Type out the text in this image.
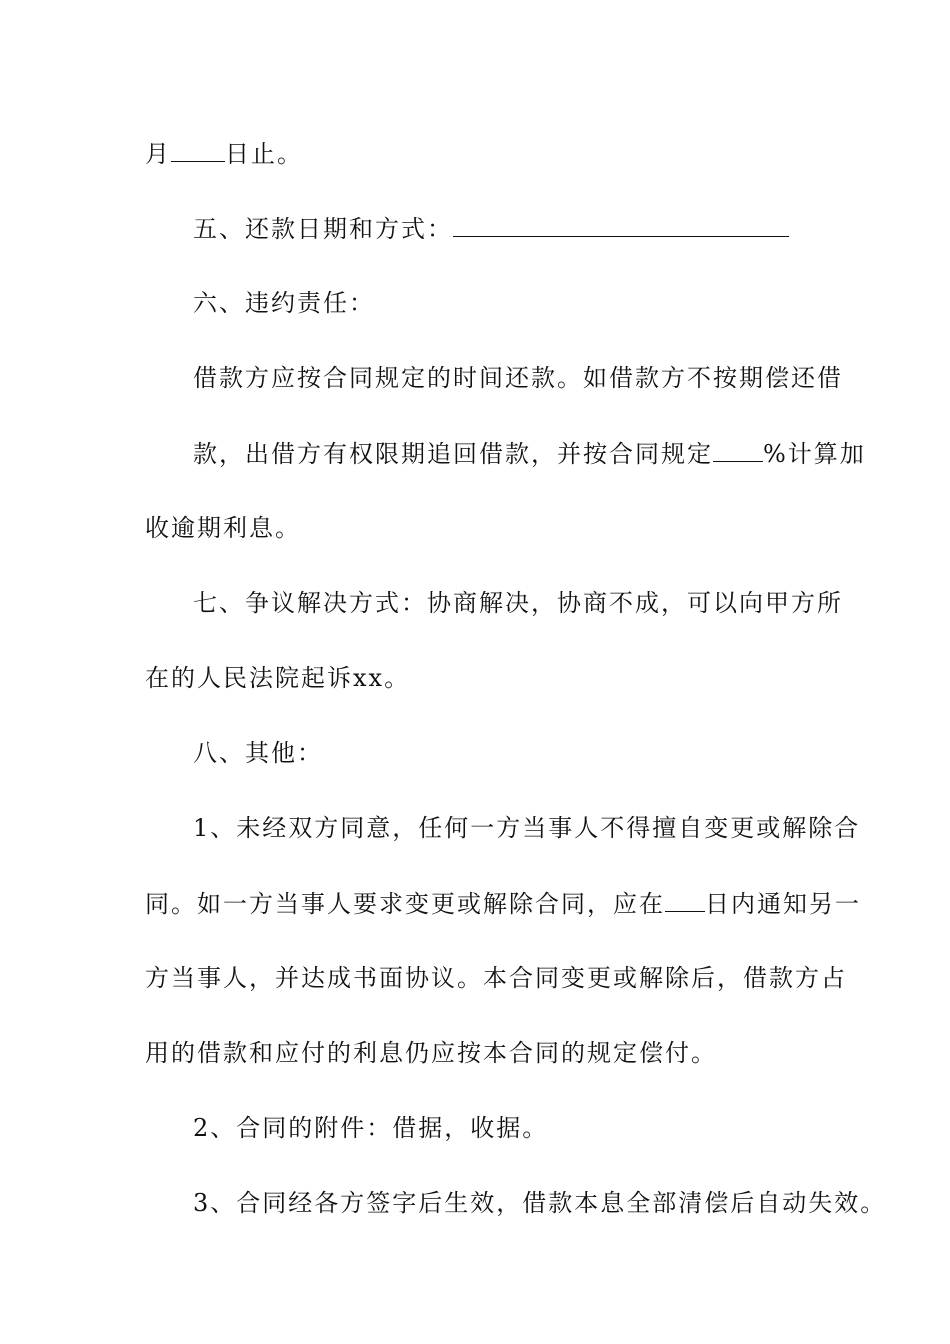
月 日止。
五、还款日期和方式：
六、违约责任：
借款方应按合同规定的时间还款。如借款方不按期偿还借
款，出借方有权限期追回借款，并按合同规定 %计算加
收逾期利息。
七、争议解决方式：协商解决，协商不成，可以向甲方所
在的人民法院起诉xx。
八、其他：
1、未经双方同意，任何一方当事人不得擅自变更或解除合
同。如一方当事人要求变更或解除合同，应在 日内通知另一
方当事人，并达成书面协议。本合同变更或解除后，借款方占
用的借款和应付的利息仍应按本合同的规定偿付。
2、合同的附件：借据，收据。
3、合同经各方签字后生效，借款本息全部清偿后自动失效。
